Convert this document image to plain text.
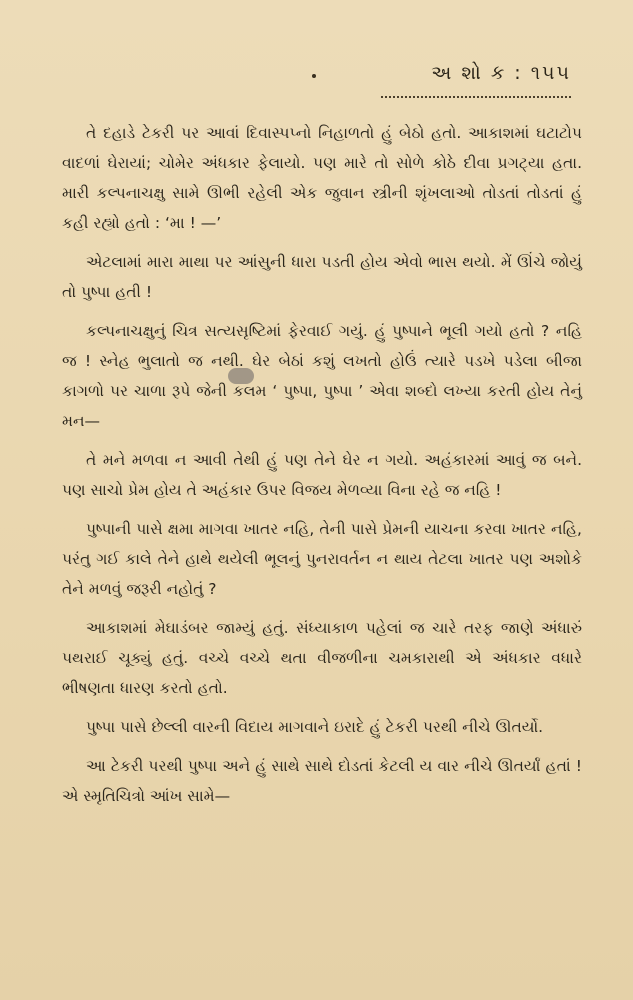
અ શો ક : ૧૫૫

તે દહાડે ટેકરી પર આવાં દિવાસ્પપ્નો નિહાળતો હું બેઠો હતો. આકાશમાં ઘટાટોપ વાદળાં ઘેરાયાં; ચોમેર અંધકાર ફેલાયો. પણ મારે તો સોળે કોઠે દીવા પ્રગટ્યા હતા. મારી કલ્પનાચક્ષુ સામે ઊભી રહેલી એક જુવાન સ્ત્રીની શૃંખલાઓ તોડતાં તોડતાં હું કહી રહ્યો હતો : ‘મા ! —’

એટલામાં મારા માથા પર આંસુની ધારા પડતી હોય એવો ભાસ થયો. મેં ઊંચે જોયું તો પુષ્પા હતી !

કલ્પનાચક્ષુનું ચિત્ર સત્યસૃષ્ટિમાં ફેરવાઈ ગયું. હું પુષ્પાને ભૂલી ગયો હતો ? નહિ જ ! સ્નેહ ભુલાતો જ નથી. ઘેર બેઠાં કશું લખતો હોઉં ત્યારે પડખે પડેલા બીજા કાગળો પર ચાળા રૂપે જેની કલમ ‘ પુષ્પા, પુષ્પા ’ એવા શબ્દો લખ્યા કરતી હોય તેનું મન—

તે મને મળવા ન આવી તેથી હું પણ તેને ઘેર ન ગયો. અહંકારમાં આવું જ બને. પણ સાચો પ્રેમ હોય તે અહંકાર ઉપર વિજય મેળવ્યા વિના રહે જ નહિ !

પુષ્પાની પાસે ક્ષમા માગવા ખાતર નહિ, તેની પાસે પ્રેમની યાચના કરવા ખાતર નહિ, પરંતુ ગઈ કાલે તેને હાથે થયેલી ભૂલનું પુનરાવર્તન ન થાય તેટલા ખાતર પણ અશોકે તેને મળવું જરૂરી નહોતું ?

આકાશમાં મેઘાડંબર જામ્યું હતું. સંધ્યાકાળ પહેલાં જ ચારે તરફ જાણે અંધારું પથરાઈ ચૂક્યું હતું. વચ્ચે વચ્ચે થતા વીજળીના ચમકારાથી એ અંધકાર વધારે ભીષણતા ધારણ કરતો હતો.

પુષ્પા પાસે છેલ્લી વારની વિદાય માગવાને ઇરાદે હું ટેકરી પરથી નીચે ઊતર્યો.

આ ટેકરી પરથી પુષ્પા અને હું સાથે સાથે દોડતાં કેટલી ય વાર નીચે ઊતર્યાં હતાં ! એ સ્મૃતિચિત્રો આંખ સામે—
